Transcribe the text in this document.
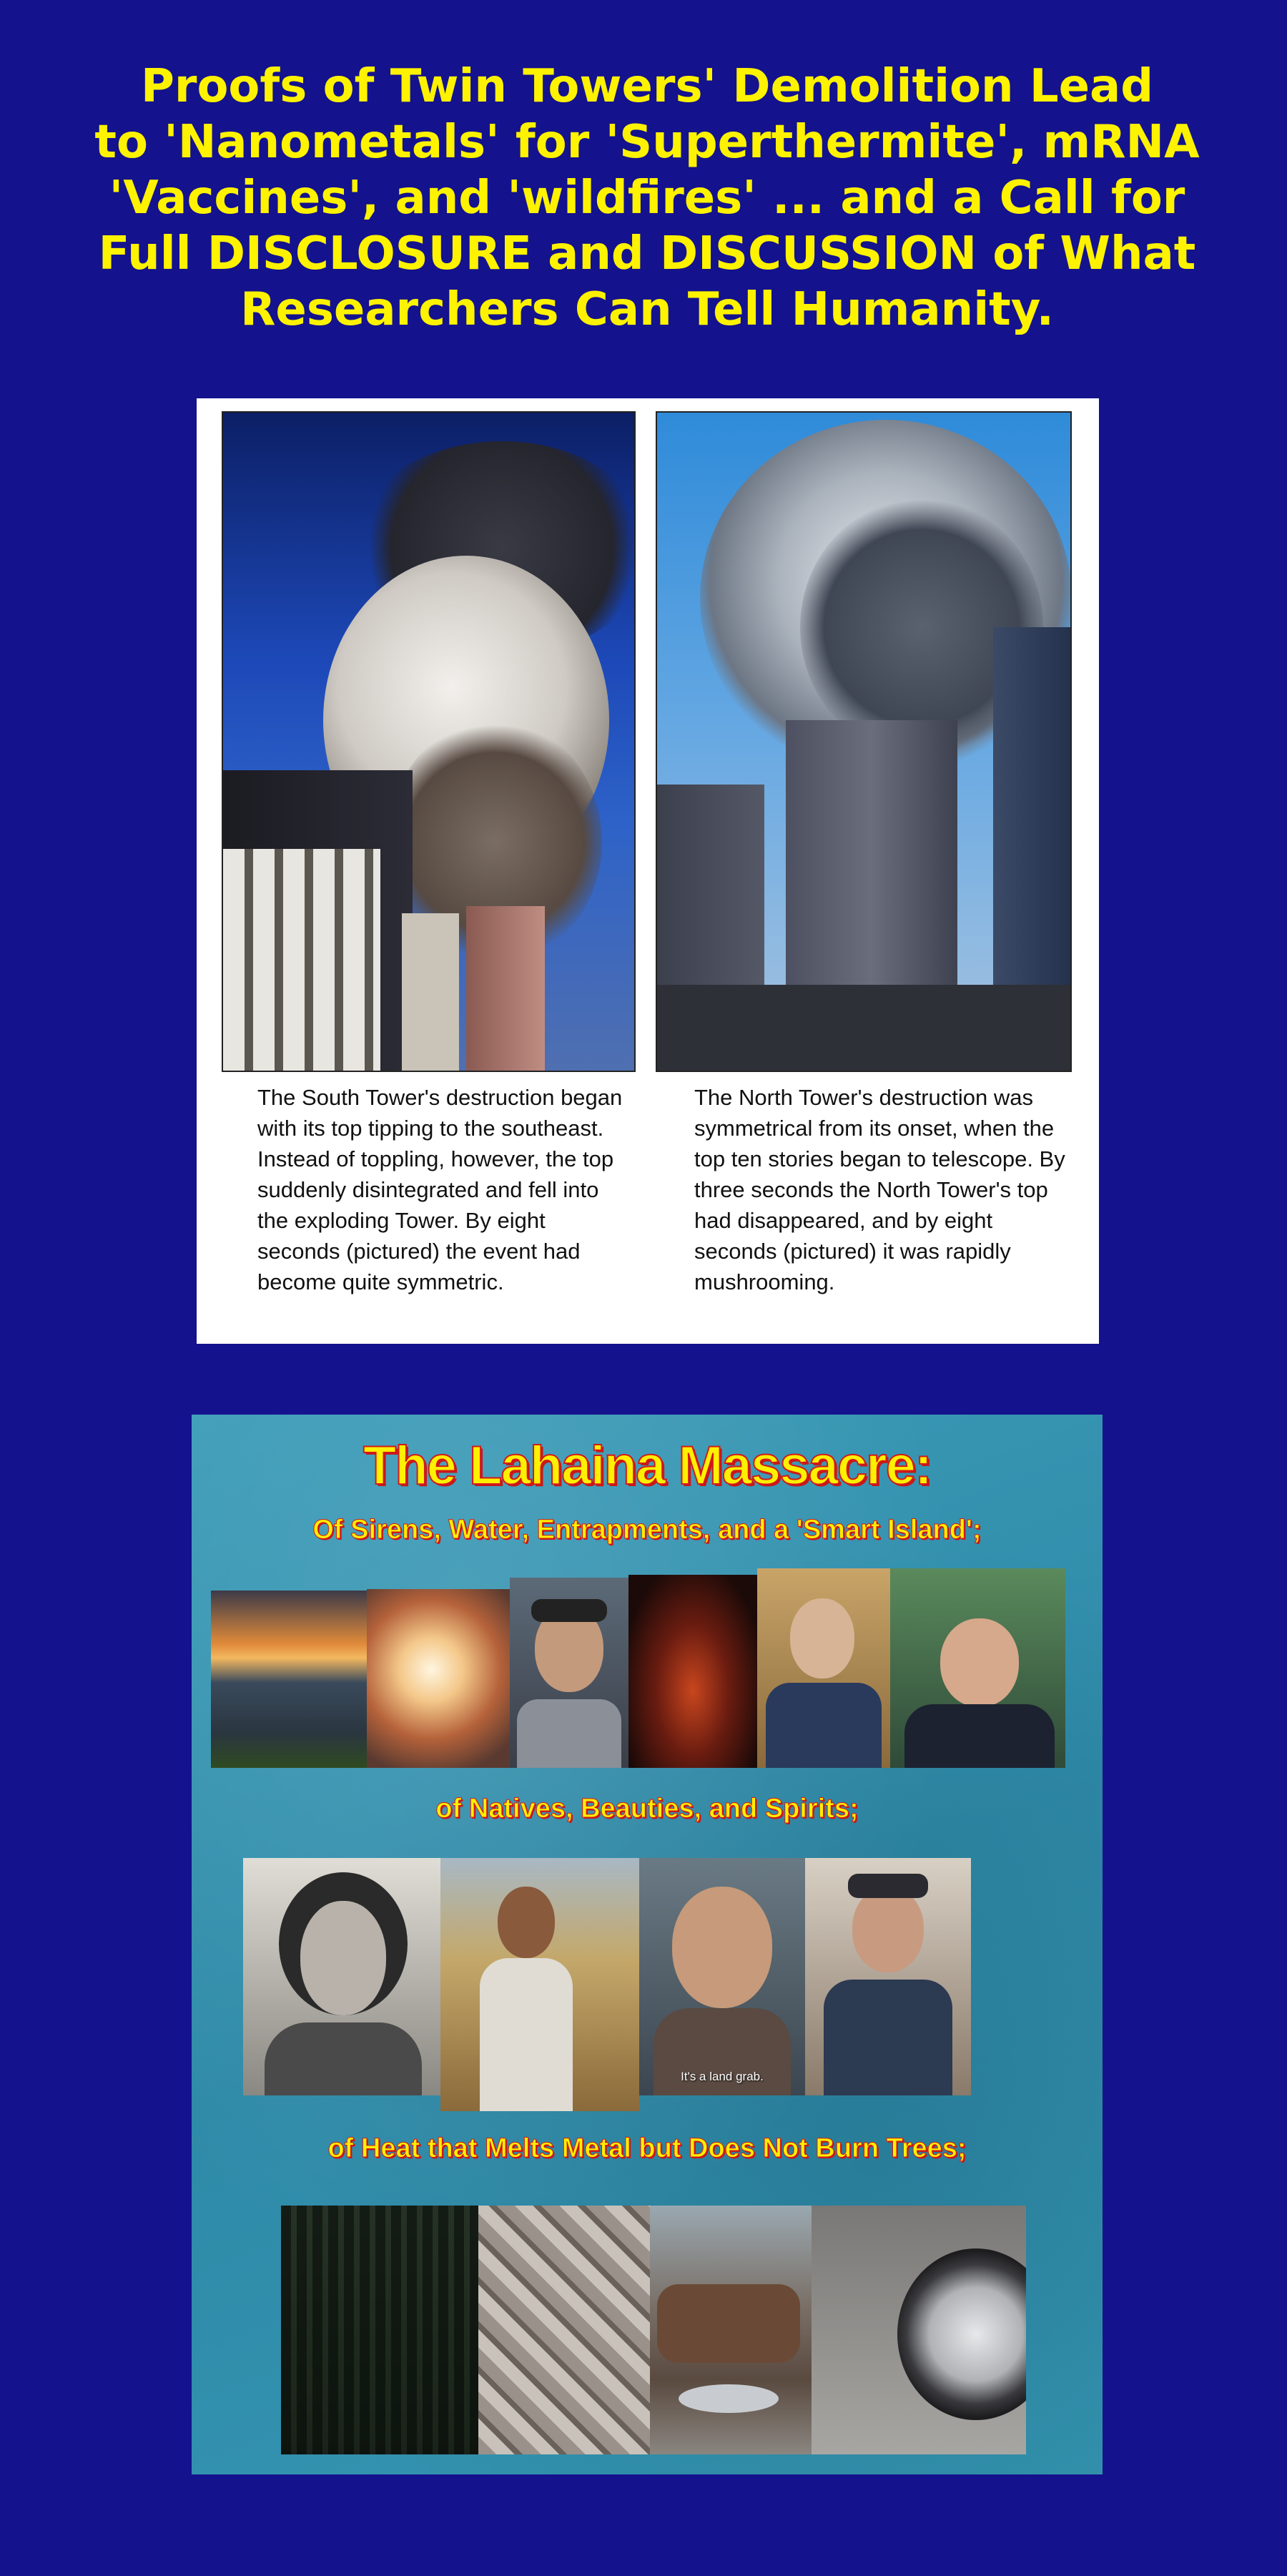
Proofs of Twin Towers' Demolition Lead
to 'Nanometals' for 'Superthermite', mRNA
'Vaccines', and 'wildfires' ... and a Call for
Full DISCLOSURE and DISCUSSION of What
Researchers Can Tell Humanity.
The South Tower's destruction began with its top tipping to the southeast. Instead of toppling, however, the top suddenly disintegrated and fell into the exploding Tower. By eight seconds (pictured) the event had become quite symmetric.
The North Tower's destruction was symmetrical from its onset, when the top ten stories began to telescope. By three seconds the North Tower's top had disappeared, and by eight seconds (pictured) it was rapidly mushrooming.
The Lahaina Massacre:
Of Sirens, Water, Entrapments, and a 'Smart Island';
of Natives, Beauties, and Spirits;
It's a land grab.
of Heat that Melts Metal but Does Not Burn Trees;
